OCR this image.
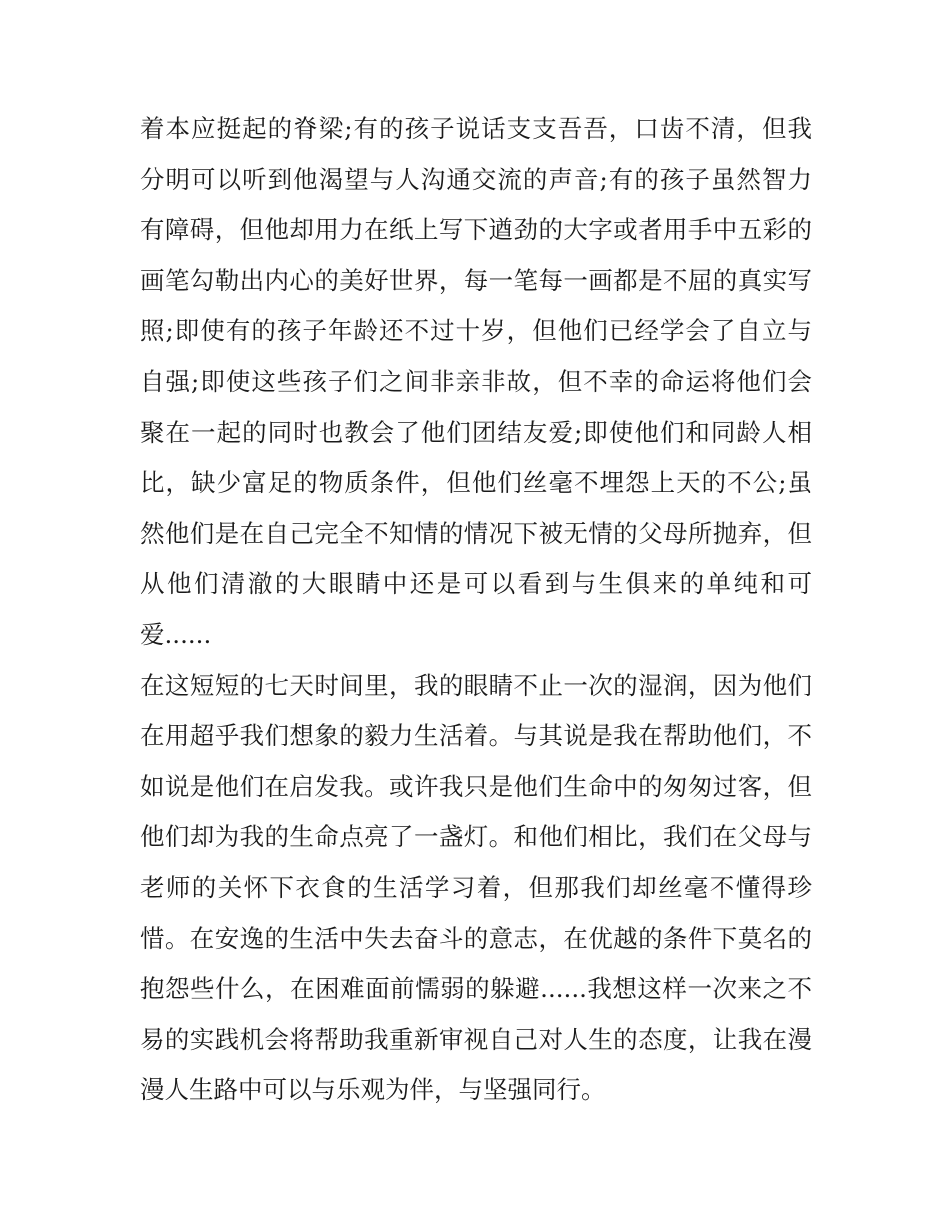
着本应挺起的脊梁;有的孩子说话支支吾吾，口齿不清，但我
分明可以听到他渴望与人沟通交流的声音;有的孩子虽然智力
有障碍，但他却用力在纸上写下遒劲的大字或者用手中五彩的
画笔勾勒出内心的美好世界，每一笔每一画都是不屈的真实写
照;即使有的孩子年龄还不过十岁，但他们已经学会了自立与
自强;即使这些孩子们之间非亲非故，但不幸的命运将他们会
聚在一起的同时也教会了他们团结友爱;即使他们和同龄人相
比，缺少富足的物质条件，但他们丝毫不埋怨上天的不公;虽
然他们是在自己完全不知情的情况下被无情的父母所抛弃，但
从他们清澈的大眼睛中还是可以看到与生俱来的单纯和可
爱......
在这短短的七天时间里，我的眼睛不止一次的湿润，因为他们
在用超乎我们想象的毅力生活着。与其说是我在帮助他们，不
如说是他们在启发我。或许我只是他们生命中的匆匆过客，但
他们却为我的生命点亮了一盏灯。和他们相比，我们在父母与
老师的关怀下衣食的生活学习着，但那我们却丝毫不懂得珍
惜。在安逸的生活中失去奋斗的意志，在优越的条件下莫名的
抱怨些什么，在困难面前懦弱的躲避......我想这样一次来之不
易的实践机会将帮助我重新审视自己对人生的态度，让我在漫
漫人生路中可以与乐观为伴，与坚强同行。
